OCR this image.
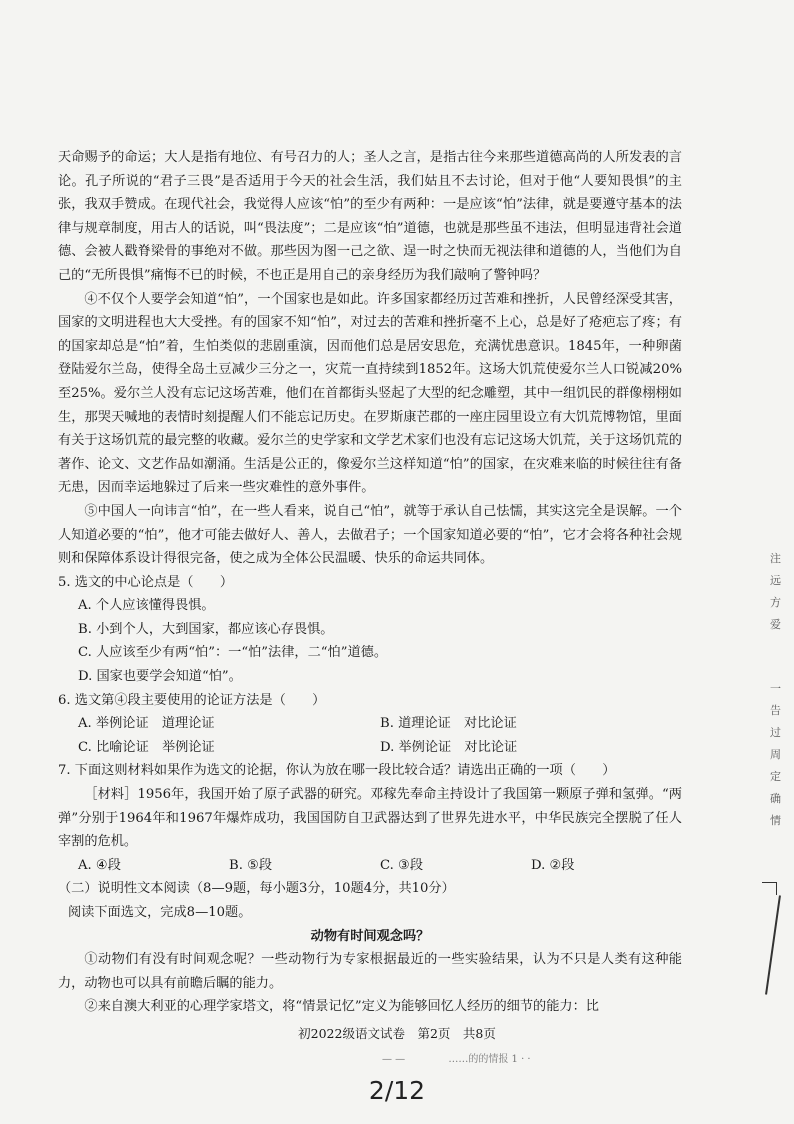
天命赐予的命运；大人是指有地位、有号召力的人；圣人之言，是指古往今来那些道德高尚的人所发表的言论。孔子所说的“君子三畏”是否适用于今天的社会生活，我们姑且不去讨论，但对于他“人要知畏惧”的主张，我双手赞成。在现代社会，我觉得人应该“怕”的至少有两种：一是应该“怕”法律，就是要遵守基本的法律与规章制度，用古人的话说，叫“畏法度”；二是应该“怕”道德，也就是那些虽不违法，但明显违背社会道德、会被人戳脊梁骨的事绝对不做。那些因为图一己之欲、逞一时之快而无视法律和道德的人，当他们为自己的“无所畏惧”痛悔不已的时候，不也正是用自己的亲身经历为我们敲响了警钟吗？

④不仅个人要学会知道“怕”，一个国家也是如此。许多国家都经历过苦难和挫折，人民曾经深受其害，国家的文明进程也大大受挫。有的国家不知“怕”，对过去的苦难和挫折毫不上心，总是好了疮疤忘了疼；有的国家却总是“怕”着，生怕类似的悲剧重演，因而他们总是居安思危，充满忧患意识。1845年，一种卵菌登陆爱尔兰岛，使得全岛土豆减少三分之一，灾荒一直持续到1852年。这场大饥荒使爱尔兰人口锐减20%至25%。爱尔兰人没有忘记这场苦难，他们在首都街头竖起了大型的纪念雕塑，其中一组饥民的群像栩栩如生，那哭天喊地的表情时刻提醒人们不能忘记历史。在罗斯康芒郡的一座庄园里设立有大饥荒博物馆，里面有关于这场饥荒的最完整的收藏。爱尔兰的史学家和文学艺术家们也没有忘记这场大饥荒，关于这场饥荒的著作、论文、文艺作品如潮涌。生活是公正的，像爱尔兰这样知道“怕”的国家，在灾难来临的时候往往有备无患，因而幸运地躲过了后来一些灾难性的意外事件。

⑤中国人一向讳言“怕”，在一些人看来，说自己“怕”，就等于承认自己怯懦，其实这完全是误解。一个人知道必要的“怕”，他才可能去做好人、善人，去做君子；一个国家知道必要的“怕”，它才会将各种社会规则和保障体系设计得很完备，使之成为全体公民温暖、快乐的命运共同体。

5. 选文的中心论点是（　　）

A. 个人应该懂得畏惧。

B. 小到个人，大到国家，都应该心存畏惧。

C. 人应该至少有两“怕”：一“怕”法律，二“怕”道德。

D. 国家也要学会知道“怕”。

6. 选文第④段主要使用的论证方法是（　　）

A. 举例论证　道理论证	B. 道理论证　对比论证
C. 比喻论证　举例论证	D. 举例论证　对比论证

7. 下面这则材料如果作为选文的论据，你认为放在哪一段比较合适？请选出正确的一项（　　）

［材料］1956年，我国开始了原子武器的研究。邓稼先奉命主持设计了我国第一颗原子弹和氢弹。“两弹”分别于1964年和1967年爆炸成功，我国国防自卫武器达到了世界先进水平，中华民族完全摆脱了任人宰割的危机。

A. ④段	B. ⑤段	C. ③段	D. ②段

（二）说明性文本阅读（8—9题，每小题3分，10题4分，共10分）

阅读下面选文，完成8—10题。

动物有时间观念吗？

①动物们有没有时间观念呢？一些动物行为专家根据最近的一些实验结果，认为不只是人类有这种能力，动物也可以具有前瞻后瞩的能力。

②来自澳大利亚的心理学家塔文，将“情景记忆”定义为能够回忆人经历的细节的能力：比

初2022级语文试卷　第2页　共8页
— —　　　　 ……的的情报 1 · ·
2/12
注
远
方
爱
一
告
过
周
定
确
情
